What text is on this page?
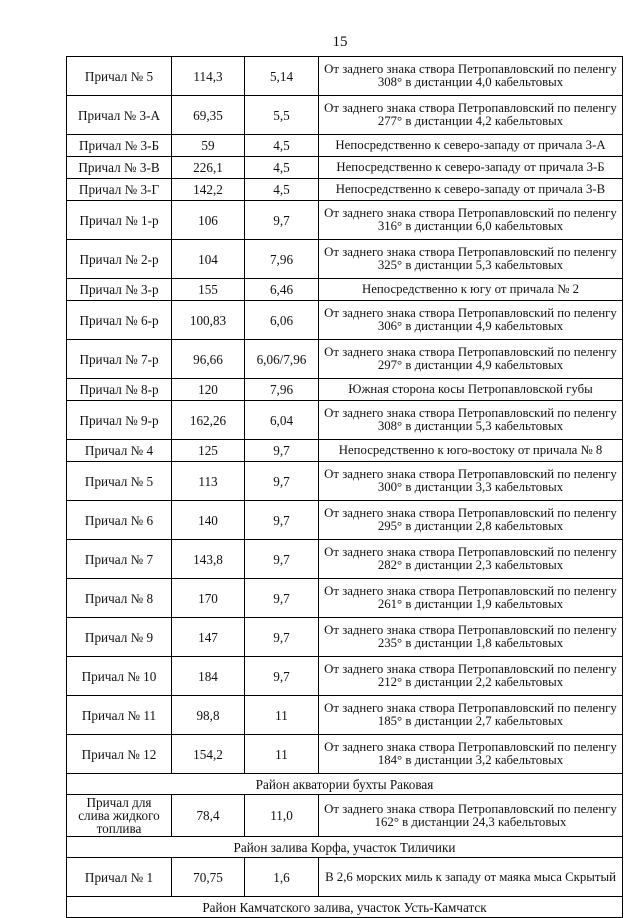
15
Причал № 5	114,3	5,14	От заднего знака створа Петропавловский по пеленгу 308° в дистанции 4,0 кабельтовых
Причал № 3-А	69,35	5,5	От заднего знака створа Петропавловский по пеленгу 277° в дистанции 4,2 кабельтовых
Причал № 3-Б	59	4,5	Непосредственно к северо-западу от причала 3-А
Причал № 3-В	226,1	4,5	Непосредственно к северо-западу от причала 3-Б
Причал № 3-Г	142,2	4,5	Непосредственно к северо-западу от причала 3-В
Причал № 1-р	106	9,7	От заднего знака створа Петропавловский по пеленгу 316° в дистанции 6,0 кабельтовых
Причал № 2-р	104	7,96	От заднего знака створа Петропавловский по пеленгу 325° в дистанции 5,3 кабельтовых
Причал № 3-р	155	6,46	Непосредственно к югу от причала № 2
Причал № 6-р	100,83	6,06	От заднего знака створа Петропавловский по пеленгу 306° в дистанции 4,9 кабельтовых
Причал № 7-р	96,66	6,06/7,96	От заднего знака створа Петропавловский по пеленгу 297° в дистанции 4,9 кабельтовых
Причал № 8-р	120	7,96	Южная сторона косы Петропавловской губы
Причал № 9-р	162,26	6,04	От заднего знака створа Петропавловский по пеленгу 308° в дистанции 5,3 кабельтовых
Причал № 4	125	9,7	Непосредственно к юго-востоку от причала № 8
Причал № 5	113	9,7	От заднего знака створа Петропавловский по пеленгу 300° в дистанции 3,3 кабельтовых
Причал № 6	140	9,7	От заднего знака створа Петропавловский по пеленгу 295° в дистанции 2,8 кабельтовых
Причал № 7	143,8	9,7	От заднего знака створа Петропавловский по пеленгу 282° в дистанции 2,3 кабельтовых
Причал № 8	170	9,7	От заднего знака створа Петропавловский по пеленгу 261° в дистанции 1,9 кабельтовых
Причал № 9	147	9,7	От заднего знака створа Петропавловский по пеленгу 235° в дистанции 1,8 кабельтовых
Причал № 10	184	9,7	От заднего знака створа Петропавловский по пеленгу 212° в дистанции 2,2 кабельтовых
Причал № 11	98,8	11	От заднего знака створа Петропавловский по пеленгу 185° в дистанции 2,7 кабельтовых
Причал № 12	154,2	11	От заднего знака створа Петропавловский по пеленгу 184° в дистанции 3,2 кабельтовых
Район акватории бухты Раковая			
Причал для слива жидкого топлива	78,4	11,0	От заднего знака створа Петропавловский по пеленгу 162° в дистанции 24,3 кабельтовых
Район залива Корфа, участок Тиличики			
Причал № 1	70,75	1,6	В 2,6 морских миль к западу от маяка мыса Скрытый
Район Камчатского залива, участок Усть-Камчатск			
